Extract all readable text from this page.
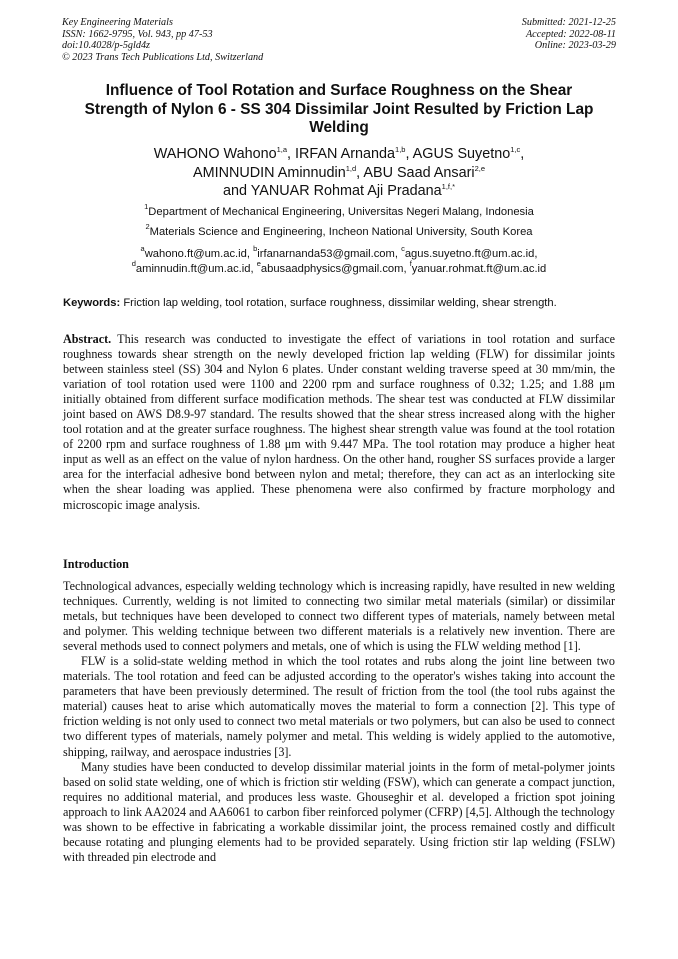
Key Engineering Materials
ISSN: 1662-9795, Vol. 943, pp 47-53
doi:10.4028/p-5gld4z
© 2023 Trans Tech Publications Ltd, Switzerland
Submitted: 2021-12-25
Accepted: 2022-08-11
Online: 2023-03-29
Influence of Tool Rotation and Surface Roughness on the Shear
Strength of Nylon 6 - SS 304 Dissimilar Joint Resulted by Friction Lap
Welding
WAHONO Wahono$^{1,a}$, IRFAN Arnanda$^{1,b}$, AGUS Suyetno$^{1,c}$,
AMINNUDIN Aminnudin$^{1,d}$, ABU Saad Ansari$^{2,e}$
and YANUAR Rohmat Aji Pradana$^{1,f,*}$
$^1$Department of Mechanical Engineering, Universitas Negeri Malang, Indonesia
$^2$Materials Science and Engineering, Incheon National University, South Korea
$^a$wahono.ft@um.ac.id, $^b$irfanarnanda53@gmail.com, $^c$agus.suyetno.ft@um.ac.id,
$^d$aminnudin.ft@um.ac.id, $^e$abusaadphysics@gmail.com, $^f$yanuar.rohmat.ft@um.ac.id
Keywords: Friction lap welding, tool rotation, surface roughness, dissimilar welding, shear strength.

Abstract. This research was conducted to investigate the effect of variations in tool rotation and surface roughness towards shear strength on the newly developed friction lap welding (FLW) for dissimilar joints between stainless steel (SS) 304 and Nylon 6 plates. Under constant welding traverse speed at 30 mm/min, the variation of tool rotation used were 1100 and 2200 rpm and surface roughness of 0.32; 1.25; and 1.88 μm initially obtained from different surface modification methods. The shear test was conducted at FLW dissimilar joint based on AWS D8.9-97 standard. The results showed that the shear stress increased along with the higher tool rotation and at the greater surface roughness. The highest shear strength value was found at the tool rotation of 2200 rpm and surface roughness of 1.88 μm with 9.447 MPa. The tool rotation may produce a higher heat input as well as an effect on the value of nylon hardness. On the other hand, rougher SS surfaces provide a larger area for the interfacial adhesive bond between nylon and metal; therefore, they can act as an interlocking site when the shear loading was applied. These phenomena were also confirmed by fracture morphology and microscopic image analysis.

Introduction

Technological advances, especially welding technology which is increasing rapidly, have resulted in new welding techniques. Currently, welding is not limited to connecting two similar metal materials (similar) or dissimilar metals, but techniques have been developed to connect two different types of materials, namely between metal and polymer. This welding technique between two different materials is a relatively new invention. There are several methods used to connect polymers and metals, one of which is using the FLW welding method [1].

FLW is a solid-state welding method in which the tool rotates and rubs along the joint line between two materials. The tool rotation and feed can be adjusted according to the operator's wishes taking into account the parameters that have been previously determined. The result of friction from the tool (the tool rubs against the material) causes heat to arise which automatically moves the material to form a connection [2]. This type of friction welding is not only used to connect two metal materials or two polymers, but can also be used to connect two different types of materials, namely polymer and metal. This welding is widely applied to the automotive, shipping, railway, and aerospace industries [3].

Many studies have been conducted to develop dissimilar material joints in the form of metal-polymer joints based on solid state welding, one of which is friction stir welding (FSW), which can generate a compact junction, requires no additional material, and produces less waste. Ghouseghir et al. developed a friction spot joining approach to link AA2024 and AA6061 to carbon fiber reinforced polymer (CFRP) [4,5]. Although the technology was shown to be effective in fabricating a workable dissimilar joint, the process remained costly and difficult because rotating and plunging elements had to be provided separately. Using friction stir lap welding (FSLW) with threaded pin electrode and
